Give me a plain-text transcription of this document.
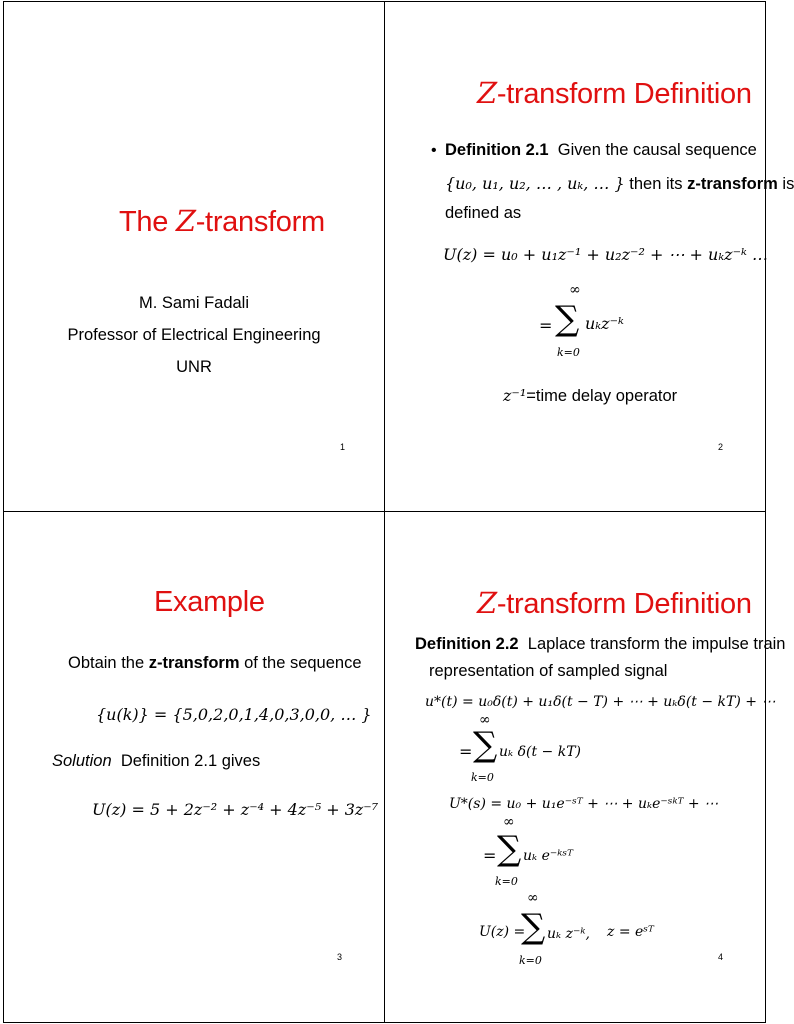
The Z-transform
M. Sami Fadali
Professor of Electrical Engineering
UNR
1
Z-transform Definition
• Definition 2.1 Given the causal sequence
{u₀, u₁, u₂, … , uₖ, … } then its z-transform is
defined as
U(z) = u₀ + u₁z⁻¹ + u₂z⁻² + ⋯ + uₖz⁻ᵏ …
∞
= ∑ uₖz⁻ᵏ
k=0
z⁻¹=time delay operator
2
Example
Obtain the z-transform of the sequence
{u(k)} = {5,0,2,0,1,4,0,3,0,0, … }
Solution Definition 2.1 gives
U(z) = 5 + 2z⁻² + z⁻⁴ + 4z⁻⁵ + 3z⁻⁷
3
Z-transform Definition
Definition 2.2 Laplace transform the impulse train
representation of sampled signal
u*(t) = u₀δ(t) + u₁δ(t − T) + ⋯ + uₖδ(t − kT) + ⋯
∞
= ∑ uₖ δ(t − kT)
k=0
U*(s) = u₀ + u₁e⁻ˢᵀ + ⋯ + uₖe⁻ˢᵏᵀ + ⋯
∞
= ∑ uₖ e⁻ᵏˢᵀ
k=0
∞
U(z) =
∑ uₖ z⁻ᵏ,
k=0
z = eˢᵀ
4
